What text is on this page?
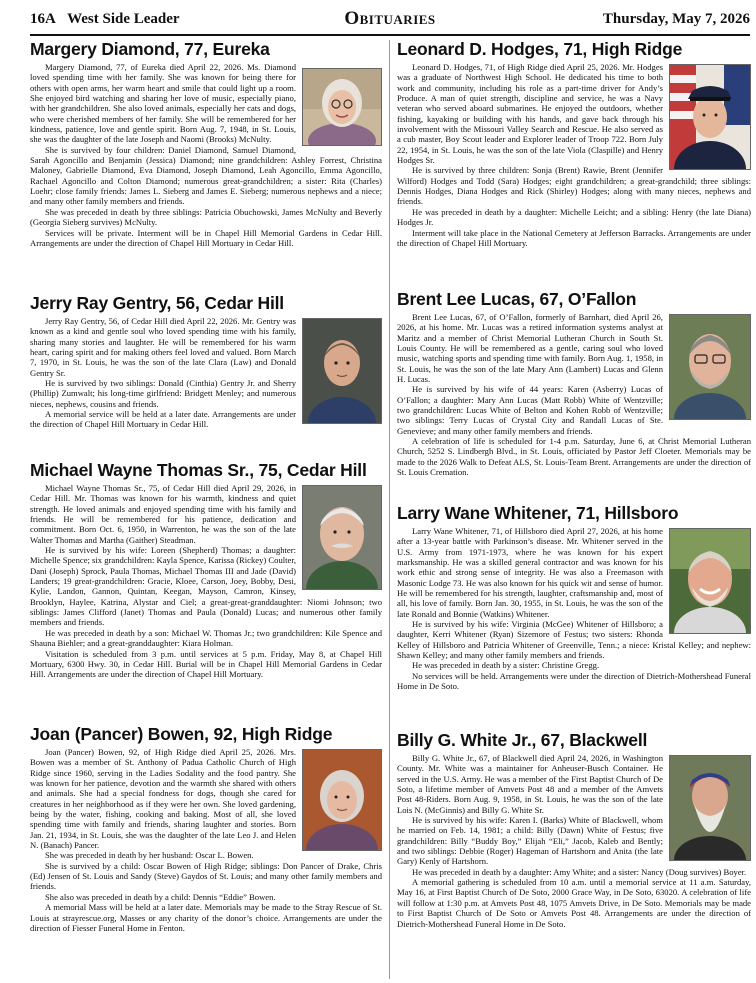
16A West Side Leader	Obituaries	Thursday, May 7, 2026
Margery Diamond, 77, Eureka

Margery Diamond, 77, of Eureka died April 22, 2026. Ms. Diamond loved spending time with her family. She was known for being there for others with open arms, her warm heart and smile that could light up a room. She enjoyed bird watching and sharing her love of music, especially piano, with her grandchildren. She also loved animals, especially her cats and dogs, who were cherished members of her family. She will be remembered for her kindness, patience, love and gentle spirit. Born Aug. 7, 1948, in St. Louis, she was the daughter of the late Joseph and Naomi (Brooks) McNulty.

She is survived by four children: Daniel Diamond, Samuel Diamond, Sarah Agoncillo and Benjamin (Jessica) Diamond; nine grandchildren: Ashley Forrest, Christina Maloney, Gabrielle Diamond, Eva Diamond, Joseph Diamond, Leah Agoncillo, Emma Agoncillo, Rachael Agoncillo and Colton Diamond; numerous great-grandchildren; a sister: Rita (Charles) Loehr; close family friends: James L. Sieberg and James E. Sieberg; numerous nephews and a niece; and many other family members and friends.

She was preceded in death by three siblings: Patricia Obuchowski, James McNulty and Beverly (Georgia Sieberg survives) McNulty.

Services will be private. Interment will be in Chapel Hill Memorial Gardens in Cedar Hill. Arrangements are under the direction of Chapel Hill Mortuary in Cedar Hill.

Jerry Ray Gentry, 56, Cedar Hill

Jerry Ray Gentry, 56, of Cedar Hill died April 22, 2026. Mr. Gentry was known as a kind and gentle soul who loved spending time with his family, sharing many stories and laughter. He will be remembered for his warm heart, caring spirit and for making others feel loved and valued. Born March 7, 1970, in St. Louis, he was the son of the late Clara (Law) and Donald Gentry Sr.

He is survived by two siblings: Donald (Cinthia) Gentry Jr. and Sherry (Phillip) Zumwalt; his long-time girlfriend: Bridgett Menley; and numerous nieces, nephews, cousins and friends.

A memorial service will be held at a later date. Arrangements are under the direction of Chapel Hill Mortuary in Cedar Hill.

Michael Wayne Thomas Sr., 75, Cedar Hill

Michael Wayne Thomas Sr., 75, of Cedar Hill died April 29, 2026, in Cedar Hill. Mr. Thomas was known for his warmth, kindness and quiet strength. He loved animals and enjoyed spending time with his family and friends. He will be remembered for his patience, dedication and commitment. Born Oct. 6, 1950, in Warrenton, he was the son of the late Walter Thomas and Martha (Gaither) Steadman.

He is survived by his wife: Loreen (Shepherd) Thomas; a daughter: Michelle Spence; six grandchildren: Kayla Spence, Karissa (Rickey) Coulter, Dani (Joseph) Sprock, Paula Thomas, Michael Thomas III and Jade (David) Landers; 19 great-grandchildren: Gracie, Kloee, Carson, Joey, Bobby, Desi, Kylie, Landon, Gannon, Quintan, Keegan, Mayson, Camron, Kinsey, Brooklyn, Haylee, Katrina, Alystar and Ciel; a great-great-granddaughter: Niomi Johnson; two siblings: James Clifford (Janet) Thomas and Paula (Donald) Lucas; and numerous other family members and friends.

He was preceded in death by a son: Michael W. Thomas Jr.; two grandchildren: Kile Spence and Shauna Biehler; and a great-granddaughter: Kiara Holman.

Visitation is scheduled from 3 p.m. until services at 5 p.m. Friday, May 8, at Chapel Hill Mortuary, 6300 Hwy. 30, in Cedar Hill. Burial will be in Chapel Hill Memorial Gardens in Cedar Hill. Arrangements are under the direction of Chapel Hill Mortuary.

Joan (Pancer) Bowen, 92, High Ridge

Joan (Pancer) Bowen, 92, of High Ridge died April 25, 2026. Mrs. Bowen was a member of St. Anthony of Padua Catholic Church of High Ridge since 1960, serving in the Ladies Sodality and the food pantry. She was known for her patience, devotion and the warmth she shared with others and animals. She had a special fondness for dogs, though she cared for creatures in her neighborhood as if they were her own. She loved gardening, being by the water, fishing, cooking and baking. Most of all, she loved spending time with family and friends, sharing laughter and stories. Born Jan. 21, 1934, in St. Louis, she was the daughter of the late Leo J. and Helen N. (Banach) Pancer.

She was preceded in death by her husband: Oscar L. Bowen.

She is survived by a child: Oscar Bowen of High Ridge; siblings: Don Pancer of Drake, Chris (Ed) Jensen of St. Louis and Sandy (Steve) Gaydos of St. Louis; and many other family members and friends.

She also was preceded in death by a child: Dennis “Eddie” Bowen.

A memorial Mass will be held at a later date. Memorials may be made to the Stray Rescue of St. Louis at strayrescue.org, Masses or any charity of the donor’s choice. Arrangements are under the direction of Fiesser Funeral Home in Fenton.

Leonard D. Hodges, 71, High Ridge

Leonard D. Hodges, 71, of High Ridge died April 25, 2026. Mr. Hodges was a graduate of Northwest High School. He dedicated his time to both work and community, including his role as a part-time driver for Andy’s Produce. A man of quiet strength, discipline and service, he was a Navy veteran who served aboard submarines. He enjoyed the outdoors, whether fishing, kayaking or building with his hands, and gave back through his involvement with the Missouri Valley Search and Rescue. He also served as a cub master, Boy Scout leader and Explorer leader of Troop 722. Born July 22, 1954, in St. Louis, he was the son of the late Viola (Claspille) and Henry Hodges Sr.

He is survived by three children: Sonja (Brent) Rawie, Brent (Jennifer Wilford) Hodges and Todd (Sara) Hodges; eight grandchildren; a great-grandchild; three siblings: Dennis Hodges, Diana Hodges and Rick (Shirley) Hodges; along with many nieces, nephews and friends.

He was preceded in death by a daughter: Michelle Leicht; and a sibling: Henry (the late Diana) Hodges Jr.

Interment will take place in the National Cemetery at Jefferson Barracks. Arrangements are under the direction of Chapel Hill Mortuary.

Brent Lee Lucas, 67, O’Fallon

Brent Lee Lucas, 67, of O’Fallon, formerly of Barnhart, died April 26, 2026, at his home. Mr. Lucas was a retired information systems analyst at Maritz and a member of Christ Memorial Lutheran Church in South St. Louis County. He will be remembered as a gentle, caring soul who loved music, watching sports and spending time with family. Born Aug. 1, 1958, in St. Louis, he was the son of the late Mary Ann (Lambert) Lucas and Glenn H. Lucas.

He is survived by his wife of 44 years: Karen (Asberry) Lucas of O’Fallon; a daughter: Mary Ann Lucas (Matt Robb) White of Wentzville; two grandchildren: Lucas White of Belton and Kohen Robb of Wentzville; two siblings: Terry Lucas of Crystal City and Randall Lucas of Ste. Genevieve; and many other family members and friends.

A celebration of life is scheduled for 1-4 p.m. Saturday, June 6, at Christ Memorial Lutheran Church, 5252 S. Lindbergh Blvd., in St. Louis, officiated by Pastor Jeff Cloeter. Memorials may be made to the 2026 Walk to Defeat ALS, St. Louis-Team Brent. Arrangements are under the direction of St. Louis Cremation.

Larry Wane Whitener, 71, Hillsboro

Larry Wane Whitener, 71, of Hillsboro died April 27, 2026, at his home after a 13-year battle with Parkinson’s disease. Mr. Whitener served in the U.S. Army from 1971-1973, where he was known for his expert marksmanship. He was a skilled general contractor and was known for his work ethic and strong sense of integrity. He was also a Freemason with Masonic Lodge 73. He was also known for his quick wit and sense of humor. He will be remembered for his strength, laughter, craftsmanship and, most of all, his love of family. Born Jan. 30, 1955, in St. Louis, he was the son of the late Ronald and Bonnie (Watkins) Whitener.

He is survived by his wife: Virginia (McGee) Whitener of Hillsboro; a daughter, Kerri Whitener (Ryan) Sizemore of Festus; two sisters: Rhonda Kelley of Hillsboro and Patricia Whitener of Greenville, Tenn.; a niece: Kristal Kelley; and nephew: Shawn Kelley; and many other family members and friends.

He was preceded in death by a sister: Christine Gregg.

No services will be held. Arrangements were under the direction of Dietrich-Mothershead Funeral Home in De Soto.

Billy G. White Jr., 67, Blackwell

Billy G. White Jr., 67, of Blackwell died April 24, 2026, in Washington County. Mr. White was a maintainer for Anheuser-Busch Container. He served in the U.S. Army. He was a member of the First Baptist Church of De Soto, a lifetime member of Amvets Post 48 and a member of the Amvets Post 48-Riders. Born Aug. 9, 1958, in St. Louis, he was the son of the late Lois N. (McGinnis) and Billy G. White Sr.

He is survived by his wife: Karen I. (Barks) White of Blackwell, whom he married on Feb. 14, 1981; a child: Billy (Dawn) White of Festus; five grandchildren: Billy “Buddy Boy,” Elijah “Eli,” Jacob, Kaleb and Bently; and two siblings: Debbie (Roger) Hageman of Hartshorn and Anita (the late Gary) Kenly of Hartshorn.

He was preceded in death by a daughter: Amy White; and a sister: Nancy (Doug survives) Boyer.

A memorial gathering is scheduled from 10 a.m. until a memorial service at 11 a.m. Saturday, May 16, at First Baptist Church of De Soto, 2000 Grace Way, in De Soto, 63020. A celebration of life will follow at 1:30 p.m. at Amvets Post 48, 1075 Amvets Drive, in De Soto. Memorials may be made to First Baptist Church of De Soto or Amvets Post 48. Arrangements are under the direction of Dietrich-Mothershead Funeral Home in De Soto.
